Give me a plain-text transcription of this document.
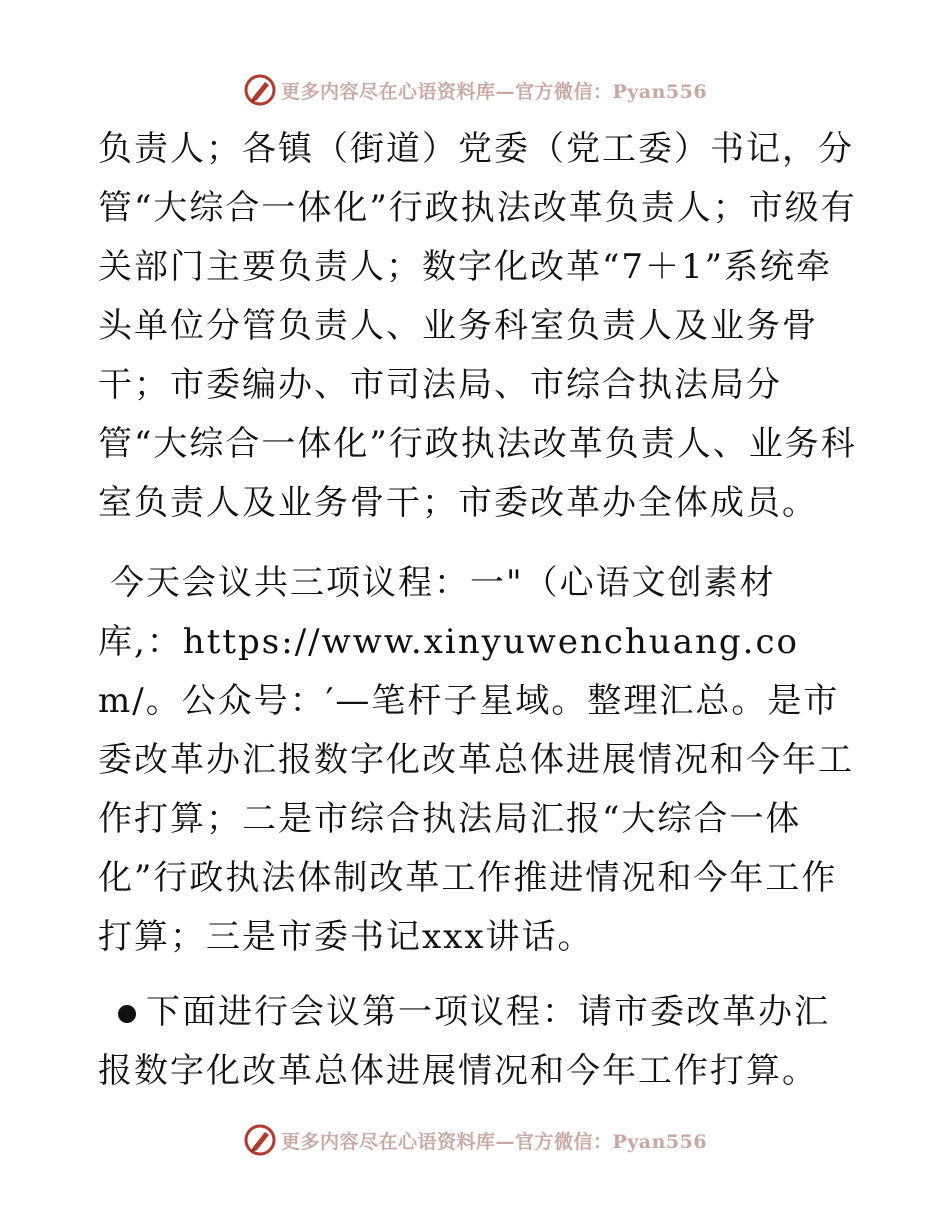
更多内容尽在心语资料库—官方微信：Pyan556

负责人；各镇（街道）党委（党工委）书记，分管“大综合一体化”行政执法改革负责人；市级有关部门主要负责人；数字化改革“7＋1”系统牵头单位分管负责人、业务科室负责人及业务骨干；市委编办、市司法局、市综合执法局分管“大综合一体化”行政执法改革负责人、业务科室负责人及业务骨干；市委改革办全体成员。

今天会议共三项议程：一"（心语文创素材库,：https://www.xinyuwenchuang.com/。公众号：′—笔杆子星域。整理汇总。是市委改革办汇报数字化改革总体进展情况和今年工作打算；二是市综合执法局汇报“大综合一体化”行政执法体制改革工作推进情况和今年工作打算；三是市委书记xxx讲话。

下面进行会议第一项议程：请市委改革办汇报数字化改革总体进展情况和今年工作打算。
更多内容尽在心语资料库—官方微信：Pyan556
